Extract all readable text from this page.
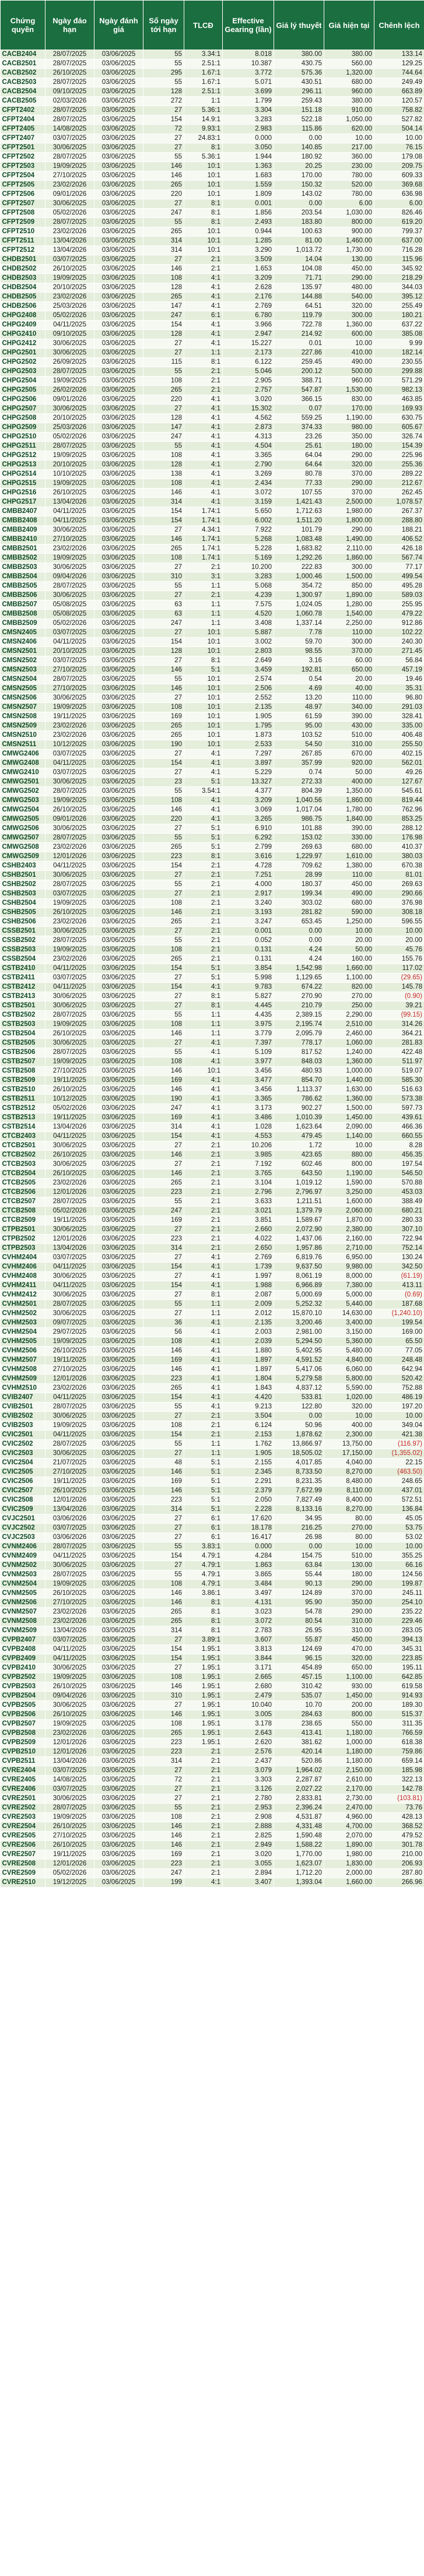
Chứng quyền	Ngày đáo hạn	Ngày đánh giá	Số ngày tới hạn	TLCĐ	Effective Gearing (lần)	Giá lý thuyết	Giá hiện tại	Chênh lệch
CACB2404	28/07/2025	03/06/2025	55	3.34:1	8.018	380.00	380.00	133.14
CACB2501	28/07/2025	03/06/2025	55	2.51:1	10.387	430.75	560.00	129.25
CACB2502	26/10/2025	03/06/2025	295	1.67:1	3.772	575.36	1,320.00	744.64
CACB2503	28/07/2025	03/06/2025	55	1.67:1	5.071	430.51	680.00	249.49
CACB2504	09/10/2025	03/06/2025	128	2.51:1	3.699	296.11	960.00	663.89
CACB2505	02/03/2026	03/06/2025	272	1:1	1.799	259.43	380.00	120.57
CFPT2402	28/07/2025	03/06/2025	27	5.36:1	3.304	151.18	910.00	758.82
CFPT2404	28/07/2025	03/06/2025	154	14.9:1	3.283	522.18	1,050.00	527.82
CFPT2405	14/08/2025	03/06/2025	72	9.93:1	2.983	115.86	620.00	504.14
CFPT2407	03/07/2025	03/06/2025	27	24.83:1	0.000	0.00	10.00	10.00
CFPT2501	30/06/2025	03/06/2025	27	8:1	3.050	140.85	217.00	76.15
CFPT2502	28/07/2025	03/06/2025	55	5.36:1	1.944	180.92	360.00	179.08
CFPT2503	19/09/2025	03/06/2025	146	10:1	1.363	20.25	230.00	209.75
CFPT2504	27/10/2025	03/06/2025	146	10:1	1.683	170.00	780.00	609.33
CFPT2505	23/02/2026	03/06/2025	265	10:1	1.559	150.32	520.00	369.68
CFPT2506	09/01/2026	03/06/2025	220	10:1	1.809	143.02	780.00	636.98
CFPT2507	30/06/2025	03/06/2025	27	8:1	0.001	0.00	6.00	6.00
CFPT2508	05/02/2026	03/06/2025	247	8:1	1.856	203.54	1,030.00	826.46
CFPT2509	28/07/2025	03/06/2025	55	8:1	2.493	183.80	800.00	619.20
CFPT2510	23/02/2026	03/06/2025	265	10:1	0.944	100.63	900.00	799.37
CFPT2511	13/04/2026	03/06/2025	314	10:1	1.285	81.00	1,460.00	637.00
CFPT2512	13/04/2026	03/06/2025	314	10:1	3.290	1,013.72	1,730.00	716.28
CHDB2501	03/07/2025	03/06/2025	27	2:1	3.509	14.04	130.00	115.96
CHDB2502	26/10/2025	03/06/2025	146	2:1	1.653	104.08	450.00	345.92
CHDB2503	19/09/2025	03/06/2025	108	4:1	3.209	71.71	290.00	218.29
CHDB2504	20/10/2025	03/06/2025	128	4:1	2.628	135.97	480.00	344.03
CHDB2505	23/02/2026	03/06/2025	265	4:1	2.176	144.88	540.00	395.12
CHDB2506	25/03/2026	03/06/2025	147	4:1	2.769	64.51	320.00	255.49
CHPG2408	05/02/2026	03/06/2025	247	6:1	6.780	119.79	300.00	180.21
CHPG2409	04/11/2025	03/06/2025	154	4:1	3.966	722.78	1,360.00	637.22
CHPG2410	09/10/2025	03/06/2025	128	4:1	2.947	214.92	600.00	385.08
CHPG2412	30/06/2025	03/06/2025	27	4:1	15.227	0.01	10.00	9.99
CHPG2501	30/06/2025	03/06/2025	27	1:1	2.173	227.86	410.00	182.14
CHPG2502	26/09/2025	03/06/2025	115	8:1	6.122	259.45	490.00	230.55
CHPG2503	28/07/2025	03/06/2025	55	2:1	5.046	200.12	500.00	299.88
CHPG2504	19/09/2025	03/06/2025	108	2:1	2.905	388.71	960.00	571.29
CHPG2505	26/02/2026	03/06/2025	265	2:1	2.757	547.87	1,530.00	982.13
CHPG2506	09/01/2026	03/06/2025	220	4:1	3.020	366.15	830.00	463.85
CHPG2507	30/06/2025	03/06/2025	27	4:1	15.302	0.07	170.00	169.93
CHPG2508	20/10/2025	03/06/2025	128	4:1	4.562	559.25	1,190.00	630.75
CHPG2509	25/03/2026	03/06/2025	147	4:1	2.873	374.33	980.00	605.67
CHPG2510	05/02/2026	03/06/2025	247	4:1	4.313	23.26	350.00	326.74
CHPG2511	28/07/2025	03/06/2025	55	4:1	4.504	25.61	180.00	154.39
CHPG2512	19/09/2025	03/06/2025	108	4:1	3.365	64.04	290.00	225.96
CHPG2513	20/10/2025	03/06/2025	128	4:1	2.790	64.64	320.00	255.36
CHPG2514	10/10/2025	03/06/2025	138	4:1	3.269	80.78	370.00	289.22
CHPG2515	19/09/2025	03/06/2025	108	4:1	2.434	77.33	290.00	212.67
CHPG2516	26/10/2025	03/06/2025	146	4:1	3.072	107.55	370.00	262.45
CHPG2517	13/04/2026	03/06/2025	314	4:1	3.159	1,421.43	2,500.00	1,078.57
CMBB2407	04/11/2025	03/06/2025	154	1.74:1	5.650	1,712.63	1,980.00	267.37
CMBB2408	04/11/2025	03/06/2025	154	1.74:1	6.002	1,511.20	1,800.00	288.80
CMBB2409	30/06/2025	03/06/2025	27	4.34:1	7.922	101.79	290.00	188.21
CMBB2410	27/10/2025	03/06/2025	146	1.74:1	5.268	1,083.48	1,490.00	406.52
CMBB2501	23/02/2026	03/06/2025	265	1.74:1	5.228	1,683.82	2,110.00	426.18
CMBB2502	19/09/2025	03/06/2025	108	1.74:1	5.169	1,292.26	1,860.00	567.74
CMBB2503	30/06/2025	03/06/2025	27	2:1	10.200	222.83	300.00	77.17
CMBB2504	09/04/2026	03/06/2025	310	3:1	3.283	1,000.46	1,500.00	499.54
CMBB2505	28/07/2025	03/06/2025	55	1:1	5.068	354.72	850.00	495.28
CMBB2506	30/06/2025	03/06/2025	27	2:1	4.239	1,300.97	1,890.00	589.03
CMBB2507	05/08/2025	03/06/2025	63	1:1	7.575	1,024.05	1,280.00	255.95
CMBB2508	05/08/2025	03/06/2025	63	1:1	4.520	1,060.78	1,540.00	479.22
CMBB2509	05/02/2026	03/06/2025	247	1:1	3.408	1,337.14	2,250.00	912.86
CMSN2405	03/07/2025	03/06/2025	27	10:1	5.887	7.78	110.00	102.22
CMSN2406	04/11/2025	03/06/2025	154	10:1	3.002	59.70	300.00	240.30
CMSN2501	20/10/2025	03/06/2025	128	10:1	2.803	98.55	370.00	271.45
CMSN2502	03/07/2025	03/06/2025	27	8:1	2.649	3.16	60.00	56.84
CMSN2503	27/10/2025	03/06/2025	146	5:1	3.459	192.81	650.00	457.19
CMSN2504	28/07/2025	03/06/2025	55	10:1	2.574	0.54	20.00	19.46
CMSN2505	27/10/2025	03/06/2025	146	10:1	2.506	4.69	40.00	35.31
CMSN2506	30/06/2025	03/06/2025	27	10:1	2.552	13.20	110.00	96.80
CMSN2507	19/09/2025	03/06/2025	108	10:1	2.135	48.97	340.00	291.03
CMSN2508	19/11/2025	03/06/2025	169	10:1	1.905	61.59	390.00	328.41
CMSN2509	23/02/2026	03/06/2025	265	10:1	1.795	95.00	430.00	335.00
CMSN2510	23/02/2026	03/06/2025	265	10:1	1.873	103.52	510.00	406.48
CMSN2511	10/12/2025	03/06/2025	190	10:1	2.533	54.50	310.00	255.50
CMWG2406	03/07/2025	03/06/2025	27	4:1	7.297	267.85	670.00	402.15
CMWG2408	04/11/2025	03/06/2025	154	4:1	3.897	357.99	920.00	562.01
CMWG2410	03/07/2025	03/06/2025	27	4:1	5.229	0.74	50.00	49.26
CMWG2501	30/06/2025	03/06/2025	23	5:1	13.327	272.33	400.00	127.67
CMWG2502	28/07/2025	03/06/2025	55	3.54:1	4.377	804.39	1,350.00	545.61
CMWG2503	19/09/2025	03/06/2025	108	4:1	3.209	1,040.56	1,860.00	819.44
CMWG2504	26/10/2025	03/06/2025	146	4:1	3.069	1,017.04	1,780.00	762.96
CMWG2505	09/01/2026	03/06/2025	220	4:1	3.265	986.75	1,840.00	853.25
CMWG2506	30/06/2025	03/06/2025	27	5:1	6.910	101.88	390.00	288.12
CMWG2507	28/07/2025	03/06/2025	55	5:1	6.292	153.02	330.00	176.98
CMWG2508	23/02/2026	03/06/2025	265	5:1	2.799	269.63	680.00	410.37
CMWG2509	12/01/2026	03/06/2025	223	8:1	3.616	1,229.97	1,610.00	380.03
CSHB2403	04/11/2025	03/06/2025	154	2:1	4.728	709.62	1,380.00	670.38
CSHB2501	30/06/2025	03/06/2025	27	2:1	7.251	28.99	110.00	81.01
CSHB2502	28/07/2025	03/06/2025	55	2:1	4.000	180.37	450.00	269.63
CSHB2503	03/07/2025	03/06/2025	27	2:1	2.917	199.34	490.00	290.66
CSHB2504	19/09/2025	03/06/2025	108	2:1	3.240	303.02	680.00	376.98
CSHB2505	26/10/2025	03/06/2025	146	2:1	3.193	281.82	590.00	308.18
CSHB2506	23/02/2026	03/06/2025	265	2:1	3.247	653.45	1,250.00	596.55
CSSB2501	30/06/2025	03/06/2025	27	2:1	0.001	0.00	10.00	10.00
CSSB2502	28/07/2025	03/06/2025	55	2:1	0.052	0.00	20.00	20.00
CSSB2503	19/09/2025	03/06/2025	108	2:1	0.131	4.24	50.00	45.76
CSSB2504	23/02/2026	03/06/2025	265	2:1	0.131	4.24	160.00	155.76
CSTB2410	04/11/2025	03/06/2025	154	5:1	3.854	1,542.98	1,660.00	117.02
CSTB2411	03/07/2025	03/06/2025	27	5:1	5.998	1,129.65	1,100.00	(29.65)
CSTB2412	04/11/2025	03/06/2025	154	4:1	9.783	674.22	820.00	145.78
CSTB2413	30/06/2025	03/06/2025	27	8:1	5.827	270.90	270.00	(0.90)
CSTB2501	30/06/2025	03/06/2025	27	8:1	4.445	210.79	250.00	39.21
CSTB2502	28/07/2025	03/06/2025	55	1:1	4.435	2,389.15	2,290.00	(99.15)
CSTB2503	19/09/2025	03/06/2025	108	1:1	3.975	2,195.74	2,510.00	314.26
CSTB2504	26/10/2025	03/06/2025	146	1:1	3.779	2,095.79	2,460.00	364.21
CSTB2505	30/06/2025	03/06/2025	27	4:1	7.397	778.17	1,060.00	281.83
CSTB2506	28/07/2025	03/06/2025	55	4:1	5.109	817.52	1,240.00	422.48
CSTB2507	19/09/2025	03/06/2025	108	4:1	3.977	848.03	1,360.00	511.97
CSTB2508	27/10/2025	03/06/2025	146	10:1	3.456	480.93	1,000.00	519.07
CSTB2509	19/11/2025	03/06/2025	169	4:1	3.477	854.70	1,440.00	585.30
CSTB2510	26/10/2025	03/06/2025	146	4:1	3.456	1,113.37	1,630.00	516.63
CSTB2511	10/12/2025	03/06/2025	190	4:1	3.365	786.62	1,360.00	573.38
CSTB2512	05/02/2026	03/06/2025	247	4:1	3.173	902.27	1,500.00	597.73
CSTB2513	19/11/2025	03/06/2025	169	4:1	3.486	1,010.39	1,450.00	439.61
CSTB2514	13/04/2026	03/06/2025	314	4:1	1.028	1,623.64	2,090.00	466.36
CTCB2403	04/11/2025	03/06/2025	154	4:1	4.553	479.45	1,140.00	660.55
CTCB2501	30/06/2025	03/06/2025	27	2:1	10.206	1.72	10.00	8.28
CTCB2502	26/10/2025	03/06/2025	146	2:1	3.985	423.65	880.00	456.35
CTCB2503	30/06/2025	03/06/2025	27	2:1	7.192	602.46	800.00	197.54
CTCB2504	26/10/2025	03/06/2025	146	2:1	3.765	643.50	1,190.00	546.50
CTCB2505	23/02/2026	03/06/2025	265	2:1	3.104	1,019.12	1,590.00	570.88
CTCB2506	12/01/2026	03/06/2025	223	2:1	2.796	2,796.97	3,250.00	453.03
CTCB2507	28/07/2025	03/06/2025	55	2:1	3.633	1,211.51	1,600.00	388.49
CTCB2508	05/02/2026	03/06/2025	247	2:1	3.021	1,379.79	2,060.00	680.21
CTCB2509	19/11/2025	03/06/2025	169	2:1	3.851	1,589.67	1,870.00	280.33
CTPB2501	30/06/2025	03/06/2025	27	2:1	2.660	2,072.90	2,380.00	307.10
CTPB2502	12/01/2026	03/06/2025	223	2:1	4.022	1,437.06	2,160.00	722.94
CTPB2503	13/04/2026	03/06/2025	314	2:1	2.650	1,957.86	2,710.00	752.14
CVHM2404	03/07/2025	03/06/2025	27	4:1	2.769	6,819.76	6,950.00	130.24
CVHM2406	04/11/2025	03/06/2025	154	4:1	1.739	9,637.50	9,980.00	342.50
CVHM2408	30/06/2025	03/06/2025	27	4:1	1.997	8,061.19	8,000.00	(61.19)
CVHM2411	04/11/2025	03/06/2025	154	4:1	1.988	6,966.89	7,380.00	413.11
CVHM2412	30/06/2025	03/06/2025	27	8:1	2.087	5,000.69	5,000.00	(0.69)
CVHM2501	28/07/2025	03/06/2025	55	1:1	2.009	5,252.32	5,440.00	187.68
CVHM2502	30/06/2025	03/06/2025	27	1:1	2.012	15,870.10	14,630.00	(1,240.10)
CVHM2503	09/07/2025	03/06/2025	36	4:1	2.135	3,200.46	3,400.00	199.54
CVHM2504	29/07/2025	03/06/2025	56	4:1	2.003	2,981.00	3,150.00	169.00
CVHM2505	19/09/2025	03/06/2025	108	4:1	2.039	5,294.50	5,360.00	65.50
CVHM2506	26/10/2025	03/06/2025	146	4:1	1.880	5,402.95	5,480.00	77.05
CVHM2507	19/11/2025	03/06/2025	169	4:1	1.897	4,591.52	4,840.00	248.48
CVHM2508	27/10/2025	03/06/2025	146	4:1	1.897	5,417.06	6,060.00	642.94
CVHM2509	12/01/2026	03/06/2025	223	4:1	1.804	5,279.58	5,800.00	520.42
CVHM2510	23/02/2026	03/06/2025	265	4:1	1.843	4,837.12	5,590.00	752.88
CVIB2407	04/11/2025	03/06/2025	154	4:1	4.420	533.81	1,020.00	486.19
CVIB2501	28/07/2025	03/06/2025	55	4:1	9.213	122.80	320.00	197.20
CVIB2502	30/06/2025	03/06/2025	27	2:1	3.504	0.00	10.00	10.00
CVIB2503	19/09/2025	03/06/2025	108	2:1	6.124	50.96	400.00	349.04
CVIC2501	04/11/2025	03/06/2025	154	2:1	2.153	1,878.62	2,300.00	421.38
CVIC2502	28/07/2025	03/06/2025	55	1:1	1.762	13,866.97	13,750.00	(116.97)
CVIC2503	30/06/2025	03/06/2025	27	1:1	1.905	18,505.02	17,150.00	(1,355.02)
CVIC2504	21/07/2025	03/06/2025	48	5:1	2.155	4,017.85	4,040.00	22.15
CVIC2505	27/10/2025	03/06/2025	146	5:1	2.345	8,733.50	8,270.00	(463.50)
CVIC2506	19/11/2025	03/06/2025	169	5:1	2.291	8,231.35	8,480.00	248.65
CVIC2507	26/10/2025	03/06/2025	146	5:1	2.379	7,672.99	8,110.00	437.01
CVIC2508	12/01/2026	03/06/2025	223	5:1	2.050	7,827.49	8,400.00	572.51
CVIC2509	13/04/2026	03/06/2025	314	5:1	2.228	8,133.16	8,270.00	136.84
CVJC2501	03/06/2026	03/06/2025	27	6:1	17.620	34.95	80.00	45.05
CVJC2502	03/07/2025	03/06/2025	27	6:1	18.178	216.25	270.00	53.75
CVJC2503	03/06/2026	03/06/2025	27	6:1	16.417	26.98	80.00	53.02
CVNM2406	28/07/2025	03/06/2025	55	3.83:1	0.000	0.00	10.00	10.00
CVNM2409	04/11/2025	03/06/2025	154	4.79:1	4.284	154.75	510.00	355.25
CVNM2502	30/06/2025	03/06/2025	27	4.79:1	1.863	63.84	130.00	66.16
CVNM2503	28/07/2025	03/06/2025	55	4.79:1	3.865	55.44	180.00	124.56
CVNM2504	19/09/2025	03/06/2025	108	4.79:1	3.484	90.13	290.00	199.87
CVNM2505	26/10/2025	03/06/2025	146	3.86:1	3.497	124.89	370.00	245.11
CVNM2506	27/10/2025	03/06/2025	146	8:1	4.131	95.90	350.00	254.10
CVNM2507	23/02/2026	03/06/2025	265	8:1	3.023	54.78	290.00	235.22
CVNM2508	23/02/2026	03/06/2025	265	8:1	3.072	80.54	310.00	229.46
CVNM2509	13/04/2026	03/06/2025	314	8:1	2.783	26.95	310.00	283.05
CVPB2407	03/07/2025	03/06/2025	27	3.89:1	3.607	55.87	450.00	394.13
CVPB2408	04/11/2025	03/06/2025	154	1.95:1	3.813	124.69	470.00	345.31
CVPB2409	04/11/2025	03/06/2025	154	1.95:1	3.844	96.15	320.00	223.85
CVPB2410	30/06/2025	03/06/2025	27	1.95:1	3.171	454.89	650.00	195.11
CVPB2502	19/09/2025	03/06/2025	108	1.95:1	2.665	457.15	1,100.00	642.85
CVPB2503	26/10/2025	03/06/2025	146	1.95:1	2.680	310.42	930.00	619.58
CVPB2504	09/04/2026	03/06/2025	310	1.95:1	2.479	535.07	1,450.00	914.93
CVPB2505	30/06/2025	03/06/2025	27	1.95:1	10.040	10.70	200.00	189.30
CVPB2506	26/10/2025	03/06/2025	146	1.95:1	3.005	284.63	800.00	515.37
CVPB2507	19/09/2025	03/06/2025	108	1.95:1	3.178	238.65	550.00	311.35
CVPB2508	23/02/2026	03/06/2025	265	1.95:1	2.643	413.41	1,180.00	766.59
CVPB2509	12/01/2026	03/06/2025	223	1.95:1	2.620	381.62	1,000.00	618.38
CVPB2510	12/01/2026	03/06/2025	223	2:1	2.576	420.14	1,180.00	759.86
CVPB2511	13/04/2026	03/06/2025	314	2:1	2.437	520.86	1,180.00	659.14
CVRE2404	03/07/2025	03/06/2025	27	2:1	3.079	1,964.02	2,150.00	185.98
CVRE2405	14/08/2025	03/06/2025	72	2:1	3.303	2,287.87	2,610.00	322.13
CVRE2406	03/07/2025	03/06/2025	27	2:1	3.126	2,027.22	2,170.00	142.78
CVRE2501	30/06/2025	03/06/2025	27	2:1	2.780	2,833.81	2,730.00	(103.81)
CVRE2502	28/07/2025	03/06/2025	55	2:1	2.953	2,396.24	2,470.00	73.76
CVRE2503	19/09/2025	03/06/2025	108	2:1	2.908	4,531.87	4,960.00	428.13
CVRE2504	26/10/2025	03/06/2025	146	2:1	2.888	4,331.48	4,700.00	368.52
CVRE2505	27/10/2025	03/06/2025	146	2:1	2.825	1,590.48	2,070.00	479.52
CVRE2506	26/10/2025	03/06/2025	146	2:1	2.949	1,588.22	1,890.00	301.78
CVRE2507	19/11/2025	03/06/2025	169	2:1	3.020	1,770.00	1,980.00	210.00
CVRE2508	12/01/2026	03/06/2025	223	2:1	3.055	1,623.07	1,830.00	206.93
CVRE2509	05/02/2026	03/06/2025	247	2:1	2.894	1,712.20	2,000.00	287.80
CVRE2510	19/12/2025	03/06/2025	199	4:1	3.407	1,393.04	1,660.00	266.96
